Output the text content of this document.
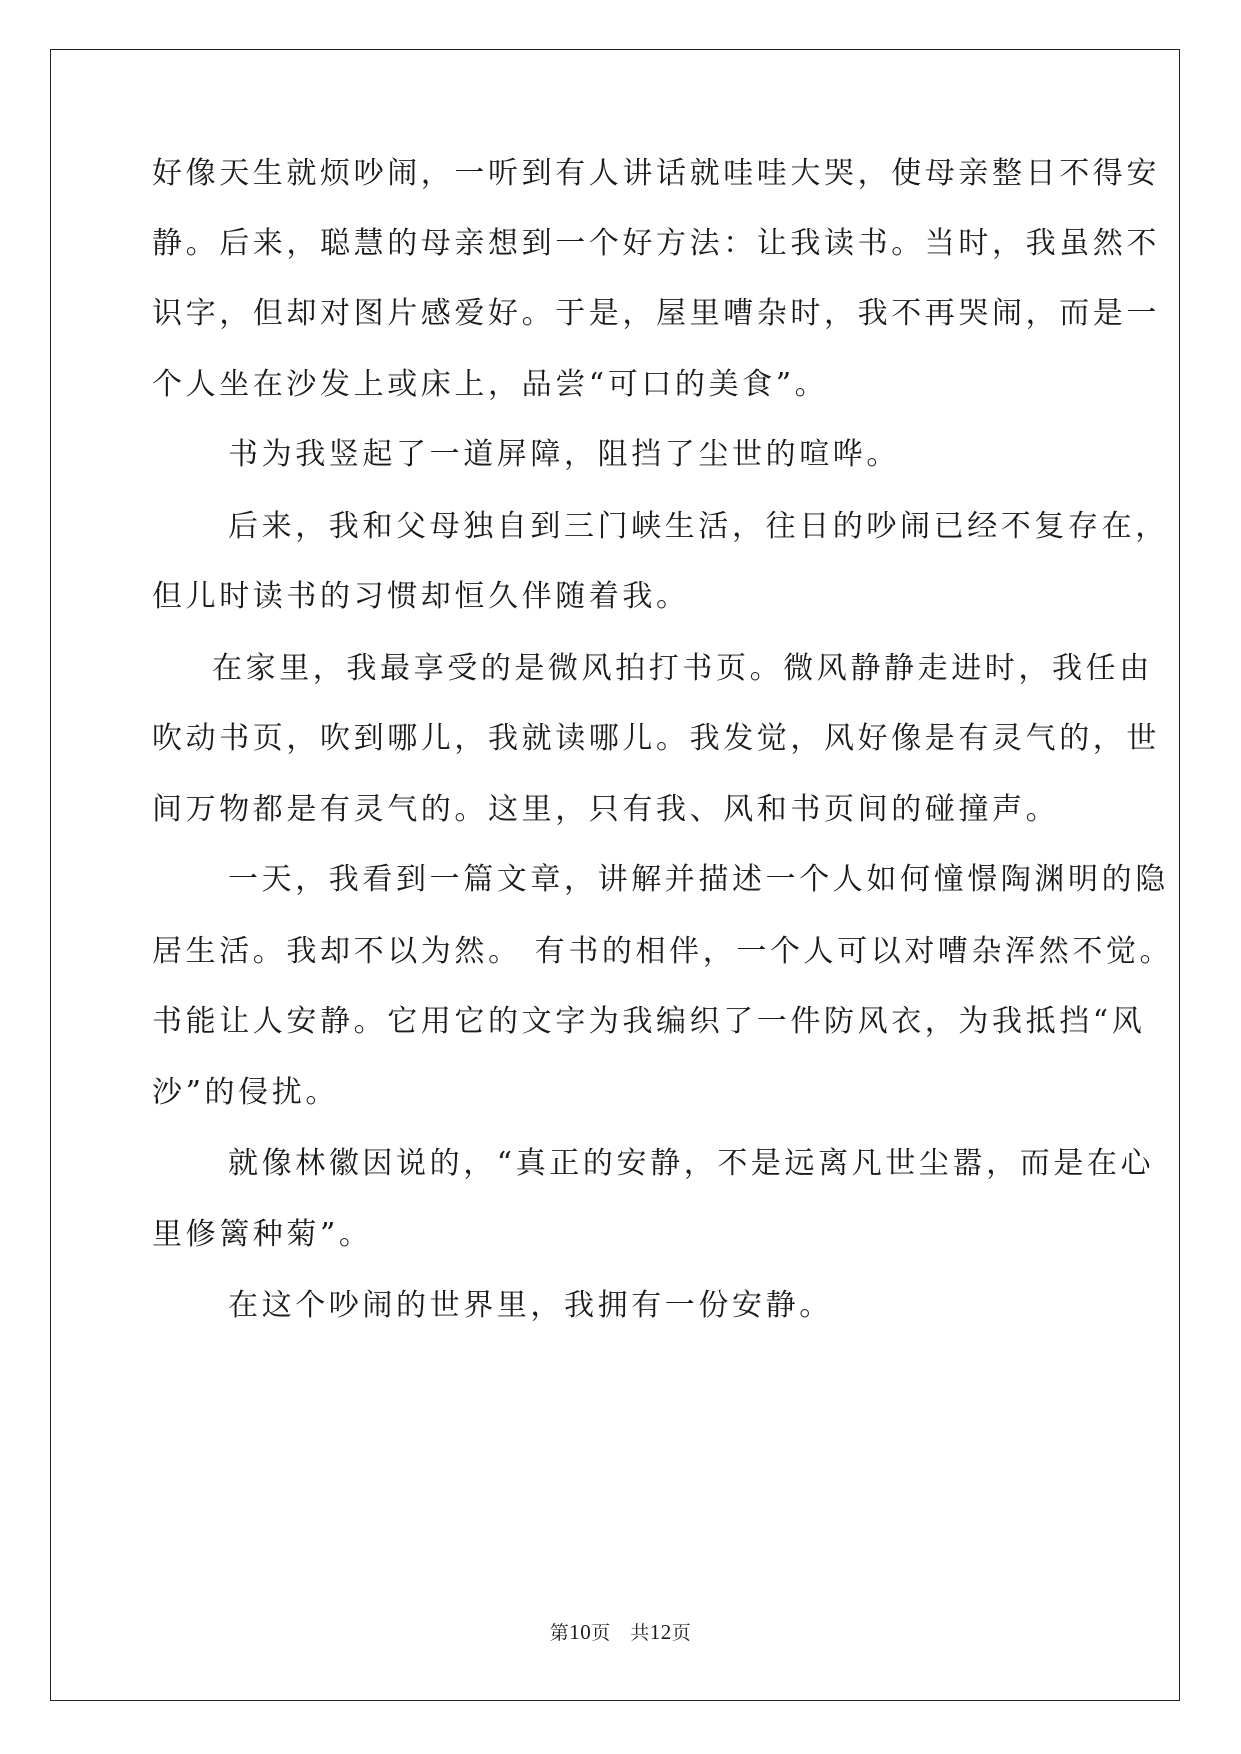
好像天生就烦吵闹，一听到有人讲话就哇哇大哭，使母亲整日不得安
静。后来，聪慧的母亲想到一个好方法：让我读书。当时，我虽然不
识字，但却对图片感爱好。于是，屋里嘈杂时，我不再哭闹，而是一
个人坐在沙发上或床上，品尝“可口的美食”。
书为我竖起了一道屏障，阻挡了尘世的喧哗。
后来，我和父母独自到三门峡生活，往日的吵闹已经不复存在，
但儿时读书的习惯却恒久伴随着我。
在家里，我最享受的是微风拍打书页。微风静静走进时，我任由
吹动书页，吹到哪儿，我就读哪儿。我发觉，风好像是有灵气的，世
间万物都是有灵气的。这里，只有我、风和书页间的碰撞声。
一天，我看到一篇文章，讲解并描述一个人如何憧憬陶渊明的隐
居生活。我却不以为然。 有书的相伴，一个人可以对嘈杂浑然不觉。
书能让人安静。它用它的文字为我编织了一件防风衣，为我抵挡“风
沙”的侵扰。
就像林徽因说的，“真正的安静，不是远离凡世尘嚣，而是在心
里修篱种菊”。
在这个吵闹的世界里，我拥有一份安静。
第10页　共12页
